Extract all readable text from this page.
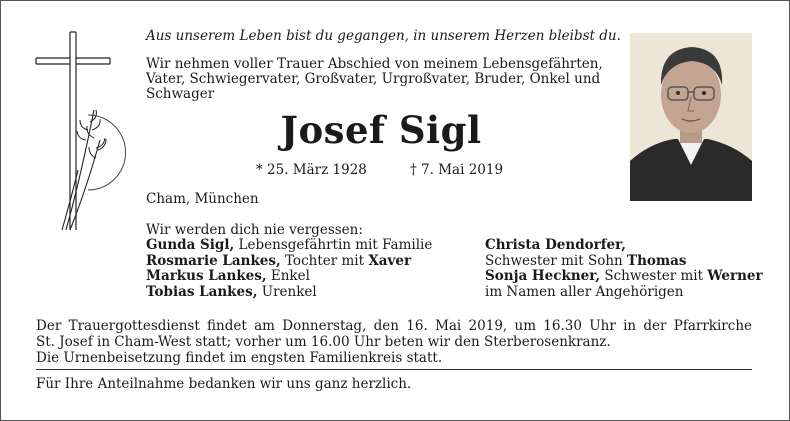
Aus unserem Leben bist du gegangen, in unserem Herzen bleibst du.
Wir nehmen voller Trauer Abschied von meinem Lebensgefährten, Vater, Schwiegervater, Großvater, Urgroßvater, Bruder, Onkel und Schwager
Josef Sigl
* 25. März 1928	† 7. Mai 2019
Cham, München
Wir werden dich nie vergessen:
Gunda Sigl, Lebensgefährtin mit Familie
Rosmarie Lankes, Tochter mit Xaver
Markus Lankes, Enkel
Tobias Lankes, Urenkel
Christa Dendorfer,
Schwester mit Sohn Thomas
Sonja Heckner, Schwester mit Werner
im Namen aller Angehörigen
Der Trauergottesdienst findet am Donnerstag, den 16. Mai 2019, um 16.30 Uhr in der Pfarrkirche
St. Josef in Cham-West statt; vorher um 16.00 Uhr beten wir den Sterberosenkranz.
Die Urnenbeisetzung findet im engsten Familienkreis statt.
Für Ihre Anteilnahme bedanken wir uns ganz herzlich.
